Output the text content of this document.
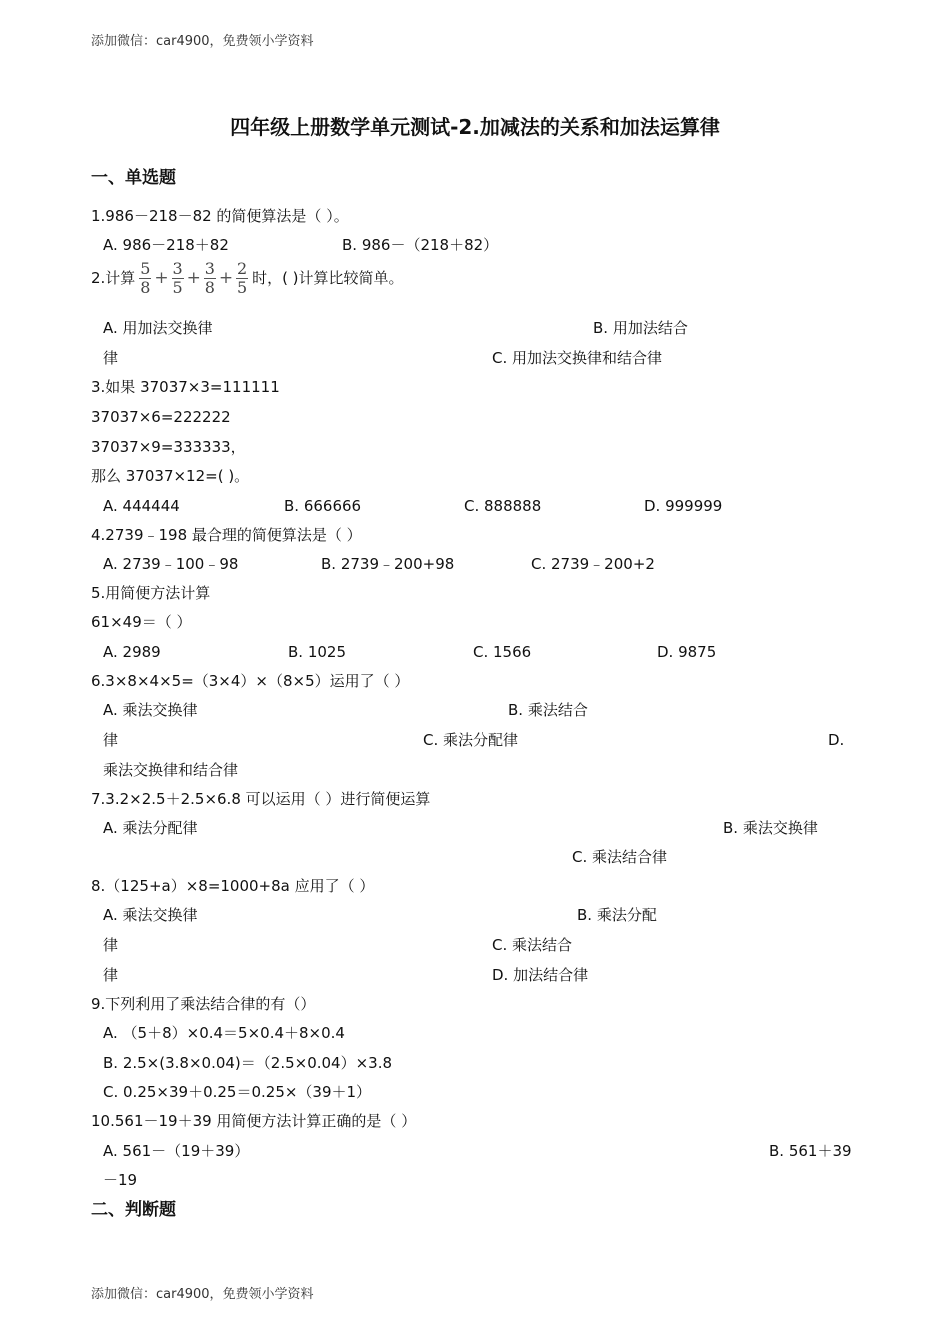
添加微信：car4900，免费领小学资料
四年级上册数学单元测试-2.加减法的关系和加法运算律
一、单选题
1.986－218－82 的简便算法是（ ）。
A. 986－218＋82	B. 986－（218＋82）
2.计算 $\frac{5}{8} + \frac{3}{5} + \frac{3}{8} + \frac{2}{5}$ 时，( )计算比较简单。
A. 用加法交换律	B. 用加法结合
律	C. 用加法交换律和结合律
3.如果 37037×3=111111
37037×6=222222
37037×9=333333，
那么 37037×12=( )。
A. 444444	B. 666666	C. 888888	D. 999999
4.2739﹣198 最合理的简便算法是（ ）
A. 2739﹣100﹣98	B. 2739﹣200+98	C. 2739﹣200+2
5.用简便方法计算
61×49＝（ ）
A. 2989	B. 1025	C. 1566	D. 9875
6.3×8×4×5=（3×4）×（8×5）运用了（ ）
A. 乘法交换律	B. 乘法结合
律	C. 乘法分配律	D.
乘法交换律和结合律
7.3.2×2.5＋2.5×6.8 可以运用（ ）进行简便运算
A. 乘法分配律	B. 乘法交换律
C. 乘法结合律
8.（125+a）×8=1000+8a 应用了（ ）
A. 乘法交换律	B. 乘法分配
律	C. 乘法结合
律	D. 加法结合律
9.下列利用了乘法结合律的有（）
A. （5＋8）×0.4＝5×0.4＋8×0.4
B. 2.5×(3.8×0.04)＝（2.5×0.04）×3.8
C. 0.25×39＋0.25＝0.25×（39＋1）
10.561－19＋39 用简便方法计算正确的是（ ）
A. 561－（19＋39）	B. 561＋39
－19
二、判断题
添加微信：car4900，免费领小学资料
